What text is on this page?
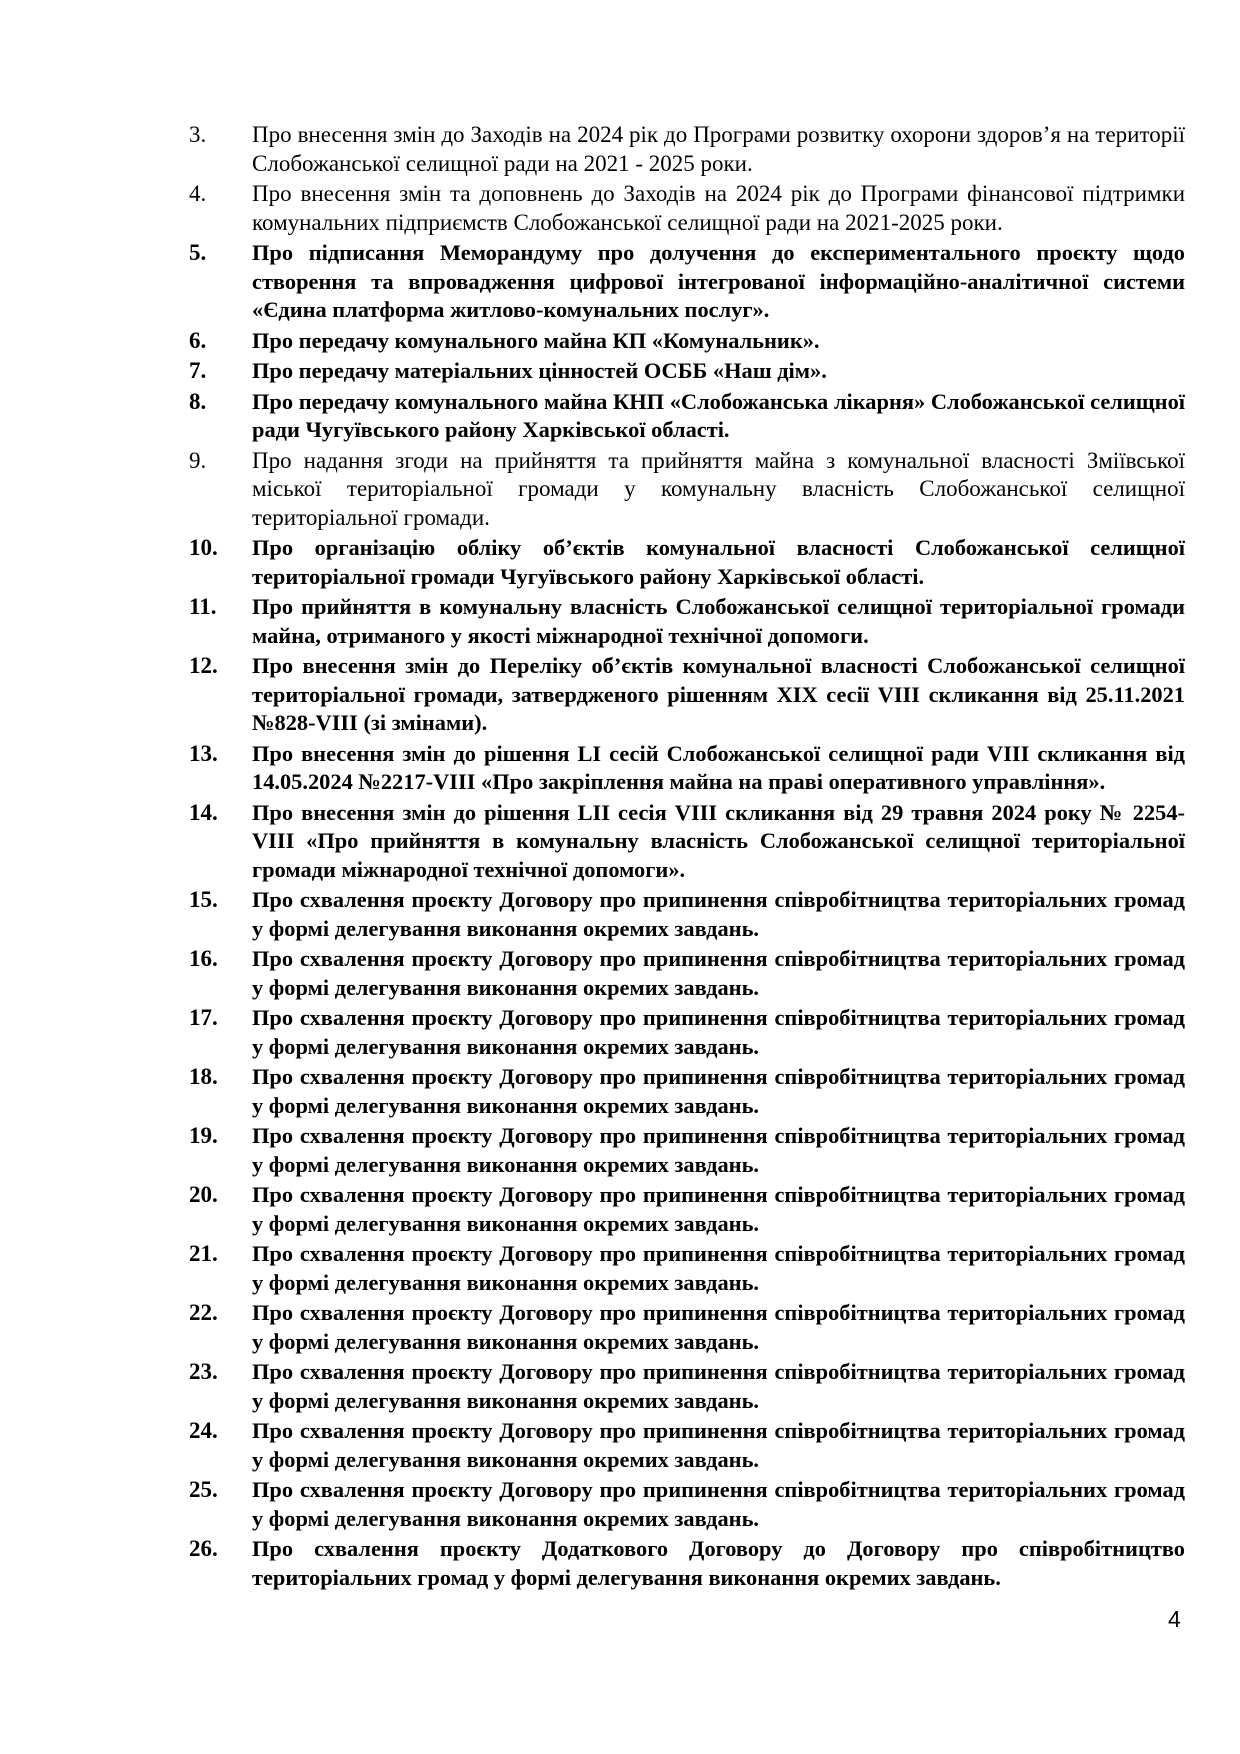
3.	Про внесення змін до Заходів на 2024 рік до Програми розвитку охорони здоров’я на території Слобожанської селищної ради на 2021 - 2025 роки.
4.	Про внесення змін та доповнень до Заходів на 2024 рік до Програми фінансової підтримки комунальних підприємств Слобожанської селищної ради на 2021-2025 роки.
5.	Про підписання Меморандуму про долучення до експериментального проєкту щодо створення та впровадження цифрової інтегрованої інформаційно-аналітичної системи «Єдина платформа житлово-комунальних послуг».
6.	Про передачу комунального майна КП «Комунальник».
7.	Про передачу матеріальних цінностей ОСББ «Наш дім».
8.	Про передачу комунального майна КНП «Слобожанська лікарня» Слобожанської селищної ради Чугуївського району Харківської області.
9.	Про надання згоди на прийняття та прийняття майна з комунальної власності Зміївської міської територіальної громади у комунальну власність Слобожанської селищної територіальної громади.
10.	Про організацію обліку об’єктів комунальної власності Слобожанської селищної територіальної громади Чугуївського району Харківської області.
11.	Про прийняття в комунальну власність Слобожанської селищної територіальної громади майна, отриманого у якості міжнародної технічної допомоги.
12.	Про внесення змін до Переліку об’єктів комунальної власності Слобожанської селищної територіальної громади, затвердженого рішенням XIX сесії VIII скликання від 25.11.2021 №828-VIII (зі змінами).
13.	Про внесення змін до рішення LI сесій Слобожанської селищної ради VIII скликання від 14.05.2024 №2217-VIII «Про закріплення майна на праві оперативного управління».
14.	Про внесення змін до рішення LII сесія VIII скликання від 29 травня 2024 року № 2254- VIII «Про прийняття в комунальну власність Слобожанської селищної територіальної громади міжнародної технічної допомоги».
15.	Про схвалення проєкту Договору про припинення співробітництва територіальних громад у формі делегування виконання окремих завдань.
16.	Про схвалення проєкту Договору про припинення співробітництва територіальних громад у формі делегування виконання окремих завдань.
17.	Про схвалення проєкту Договору про припинення співробітництва територіальних громад у формі делегування виконання окремих завдань.
18.	Про схвалення проєкту Договору про припинення співробітництва територіальних громад у формі делегування виконання окремих завдань.
19.	Про схвалення проєкту Договору про припинення співробітництва територіальних громад у формі делегування виконання окремих завдань.
20.	Про схвалення проєкту Договору про припинення співробітництва територіальних громад у формі делегування виконання окремих завдань.
21.	Про схвалення проєкту Договору про припинення співробітництва територіальних громад у формі делегування виконання окремих завдань.
22.	Про схвалення проєкту Договору про припинення співробітництва територіальних громад у формі делегування виконання окремих завдань.
23.	Про схвалення проєкту Договору про припинення співробітництва територіальних громад у формі делегування виконання окремих завдань.
24.	Про схвалення проєкту Договору про припинення співробітництва територіальних громад у формі делегування виконання окремих завдань.
25.	Про схвалення проєкту Договору про припинення співробітництва територіальних громад у формі делегування виконання окремих завдань.
26.	Про схвалення проєкту Додаткового Договору до Договору про співробітництво територіальних громад у формі делегування виконання окремих завдань.
4
